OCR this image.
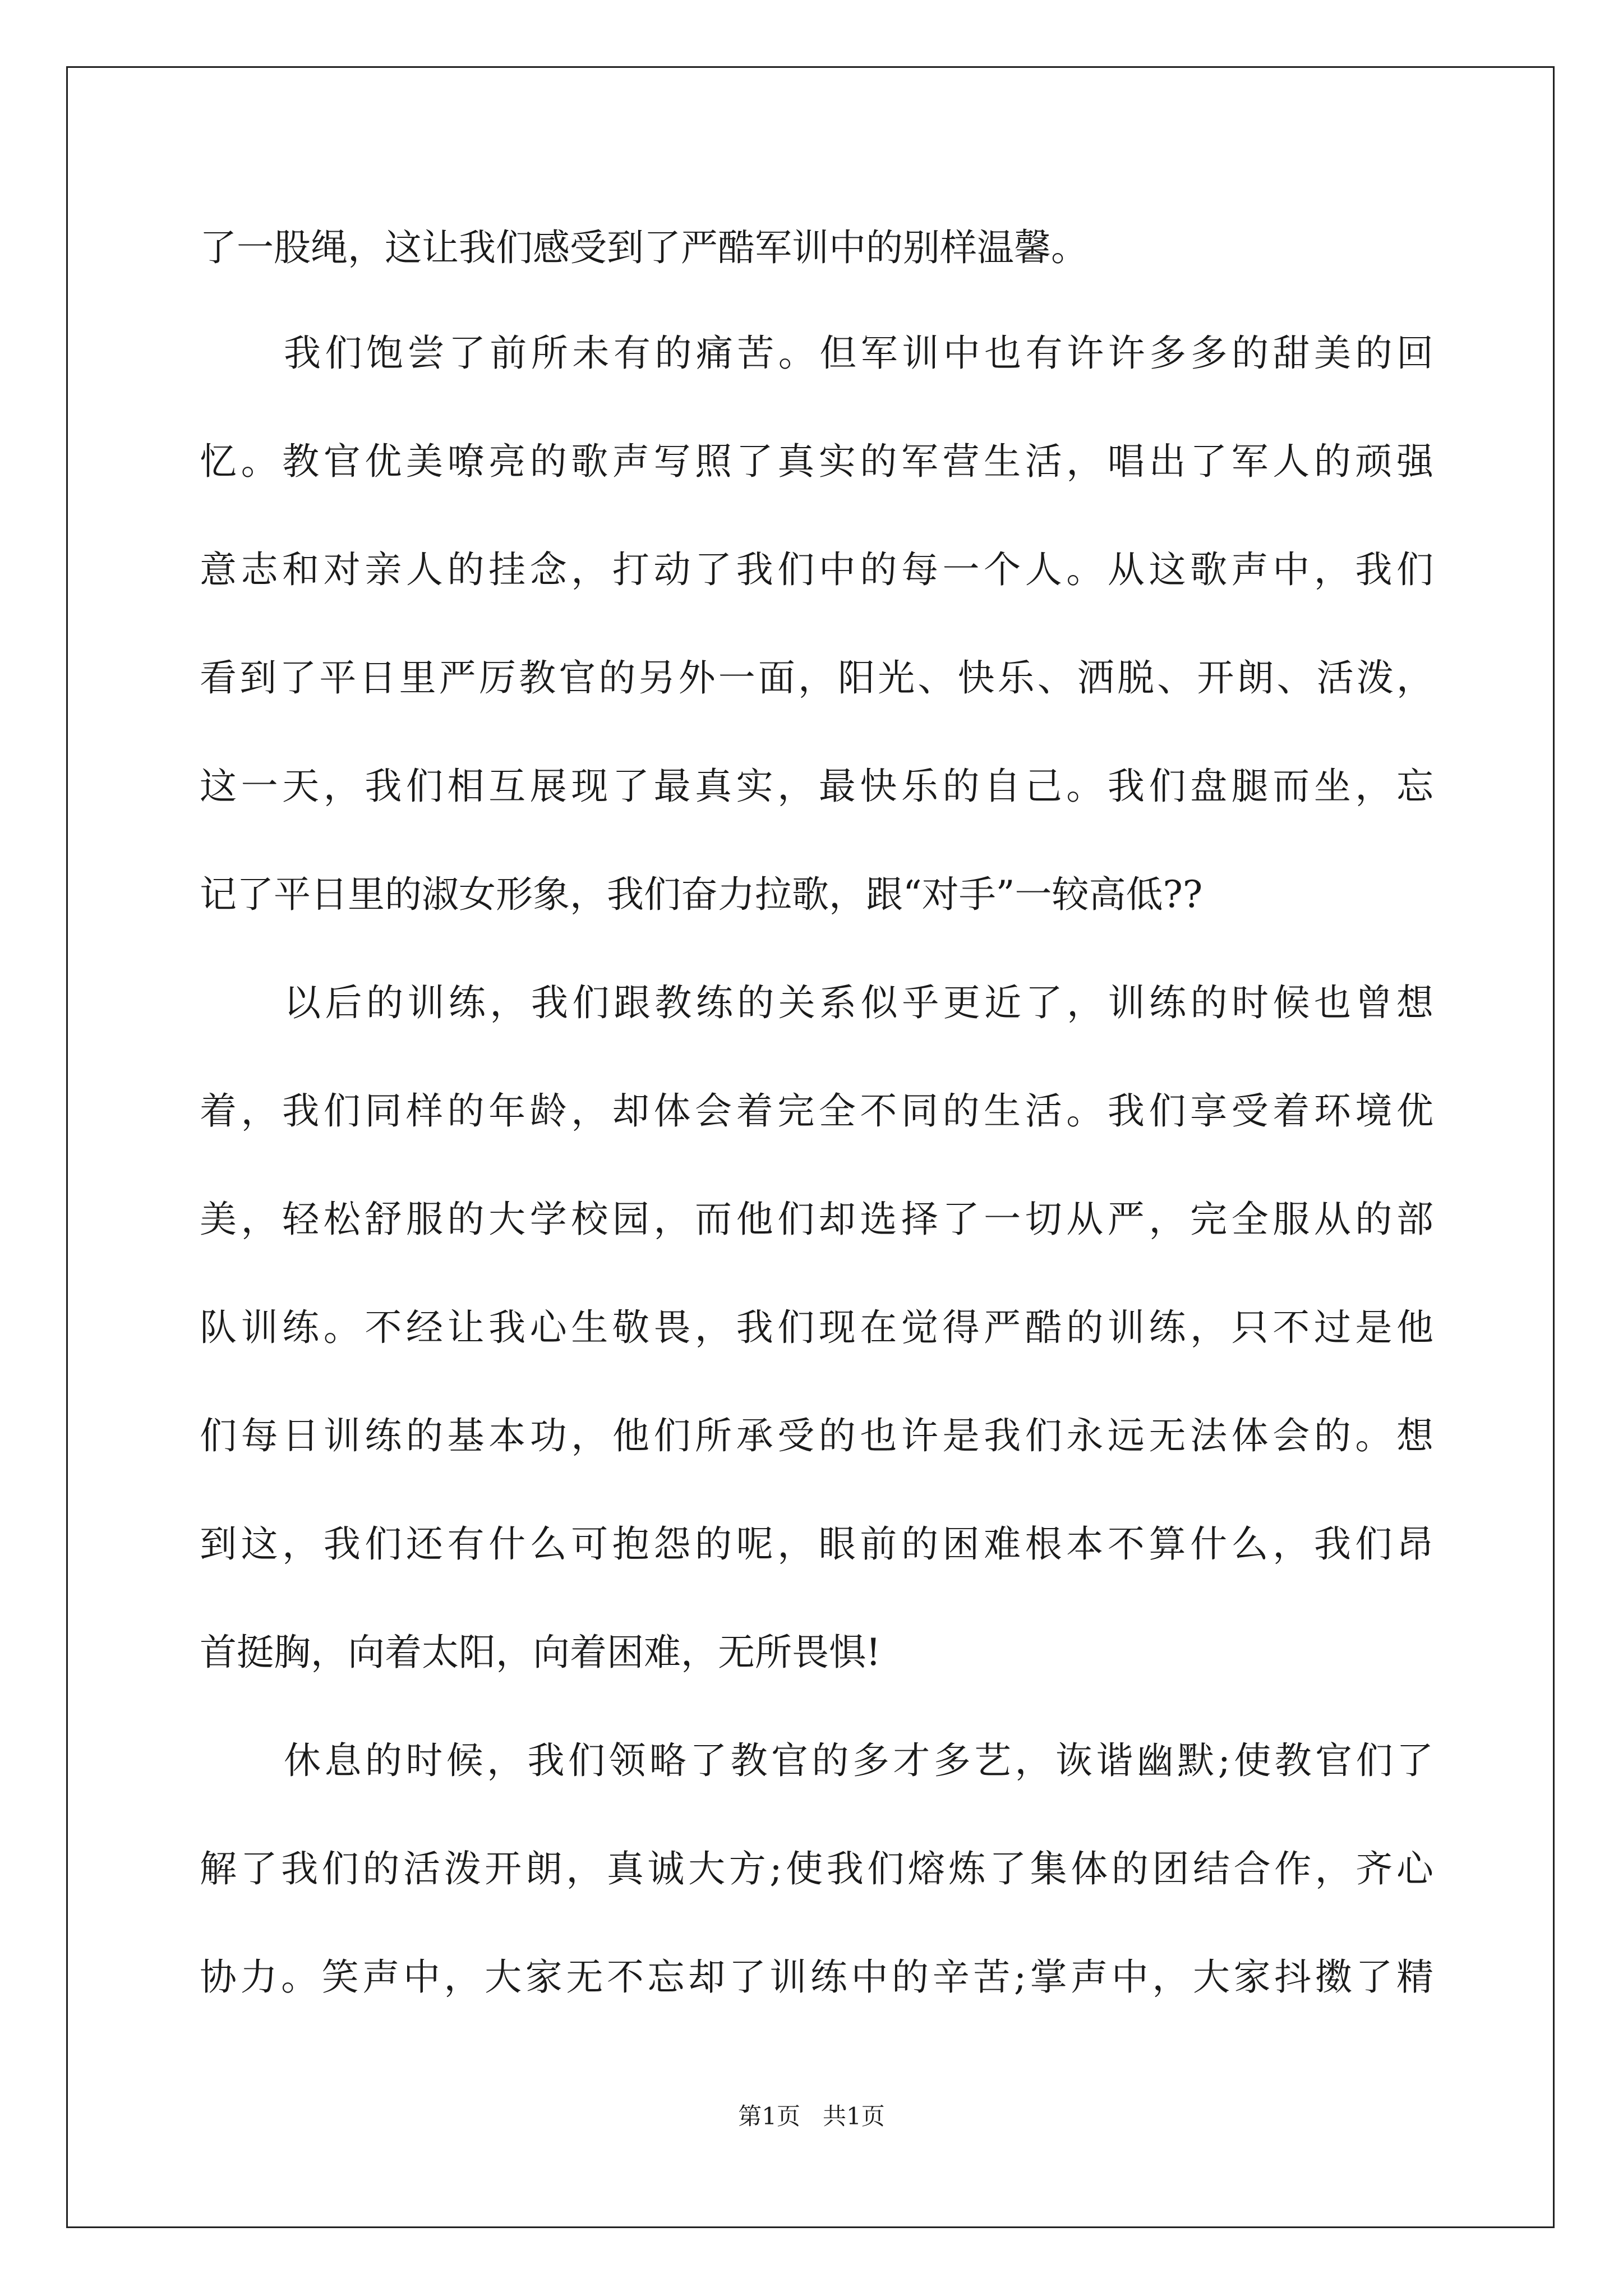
了一股绳，这让我们感受到了严酷军训中的别样温馨。
我们饱尝了前所未有的痛苦。但军训中也有许许多多的甜美的回
忆。教官优美嘹亮的歌声写照了真实的军营生活，唱出了军人的顽强
意志和对亲人的挂念，打动了我们中的每一个人。从这歌声中，我们
看到了平日里严厉教官的另外一面，阳光、快乐、洒脱、开朗、活泼，
这一天，我们相互展现了最真实，最快乐的自己。我们盘腿而坐，忘
记了平日里的淑女形象，我们奋力拉歌，跟“对手”一较高低??
以后的训练，我们跟教练的关系似乎更近了，训练的时候也曾想
着，我们同样的年龄，却体会着完全不同的生活。我们享受着环境优
美，轻松舒服的大学校园，而他们却选择了一切从严，完全服从的部
队训练。不经让我心生敬畏，我们现在觉得严酷的训练，只不过是他
们每日训练的基本功，他们所承受的也许是我们永远无法体会的。想
到这，我们还有什么可抱怨的呢，眼前的困难根本不算什么，我们昂
首挺胸，向着太阳，向着困难，无所畏惧!
休息的时候，我们领略了教官的多才多艺，诙谐幽默;使教官们了
解了我们的活泼开朗，真诚大方;使我们熔炼了集体的团结合作，齐心
协力。笑声中，大家无不忘却了训练中的辛苦;掌声中，大家抖擞了精
第1页   共1页
